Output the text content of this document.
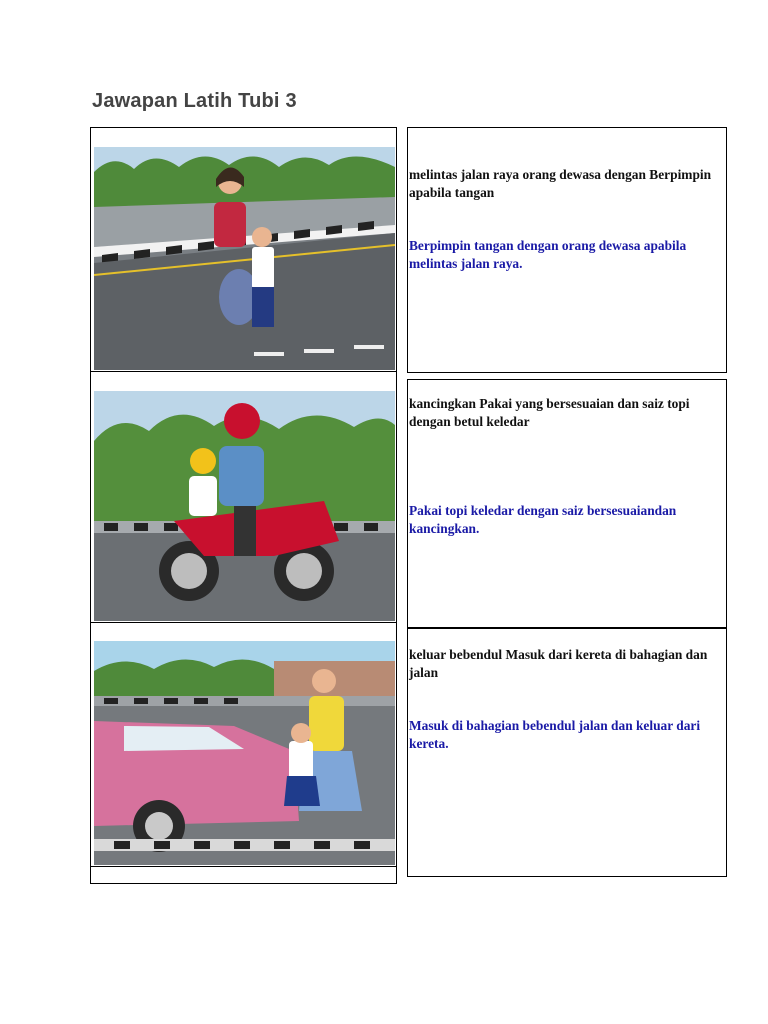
Jawapan Latih Tubi 3
melintas jalan raya orang dewasa dengan Berpimpin apabila tangan
Berpimpin tangan dengan orang dewasa apabila melintas jalan raya.
kancingkan Pakai yang bersesuaian dan saiz topi dengan betul keledar
Pakai topi keledar dengan saiz bersesuaiandan kancingkan.
keluar bebendul Masuk dari kereta di bahagian dan jalan
Masuk di bahagian bebendul jalan dan keluar dari kereta.
